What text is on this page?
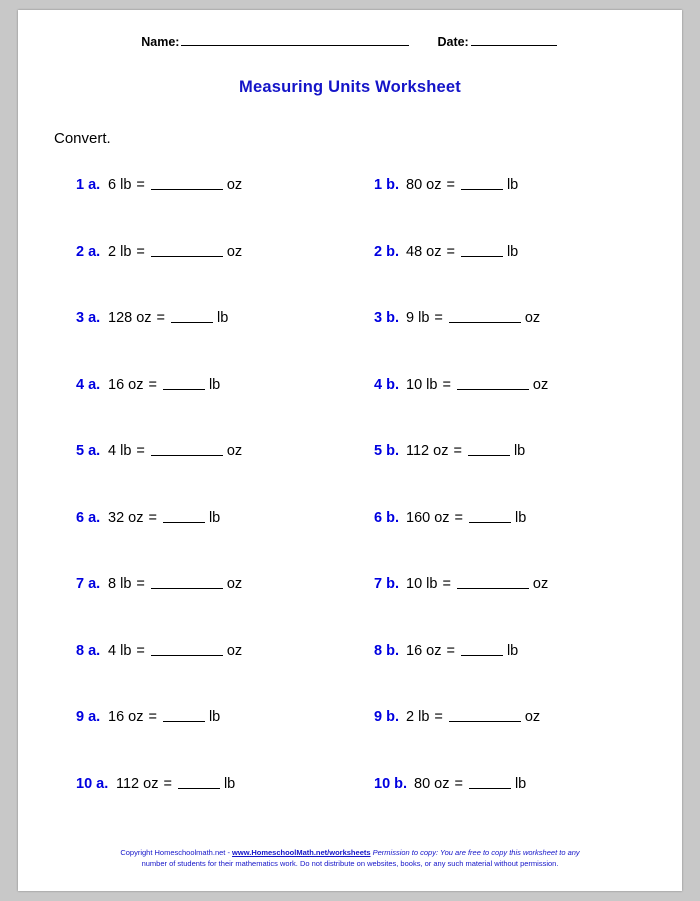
Name:	Date:
Measuring Units Worksheet
Convert.
1 a. 6 lb =	oz	1 b. 80 oz =	lb
2 a. 2 lb =	oz	2 b. 48 oz =	lb
3 a. 128 oz =	lb	3 b. 9 lb =	oz
4 a. 16 oz =	lb	4 b. 10 lb =	oz
5 a. 4 lb =	oz	5 b. 112 oz =	lb
6 a. 32 oz =	lb	6 b. 160 oz =	lb
7 a. 8 lb =	oz	7 b. 10 lb =	oz
8 a. 4 lb =	oz	8 b. 16 oz =	lb
9 a. 16 oz =	lb	9 b. 2 lb =	oz
10 a. 112 oz =	lb	10 b. 80 oz =	lb
Copyright Homeschoolmath.net - www.HomeschoolMath.net/worksheets Permission to copy: You are free to copy this worksheet to any
number of students for their mathematics work. Do not distribute on websites, books, or any such material without permission.
